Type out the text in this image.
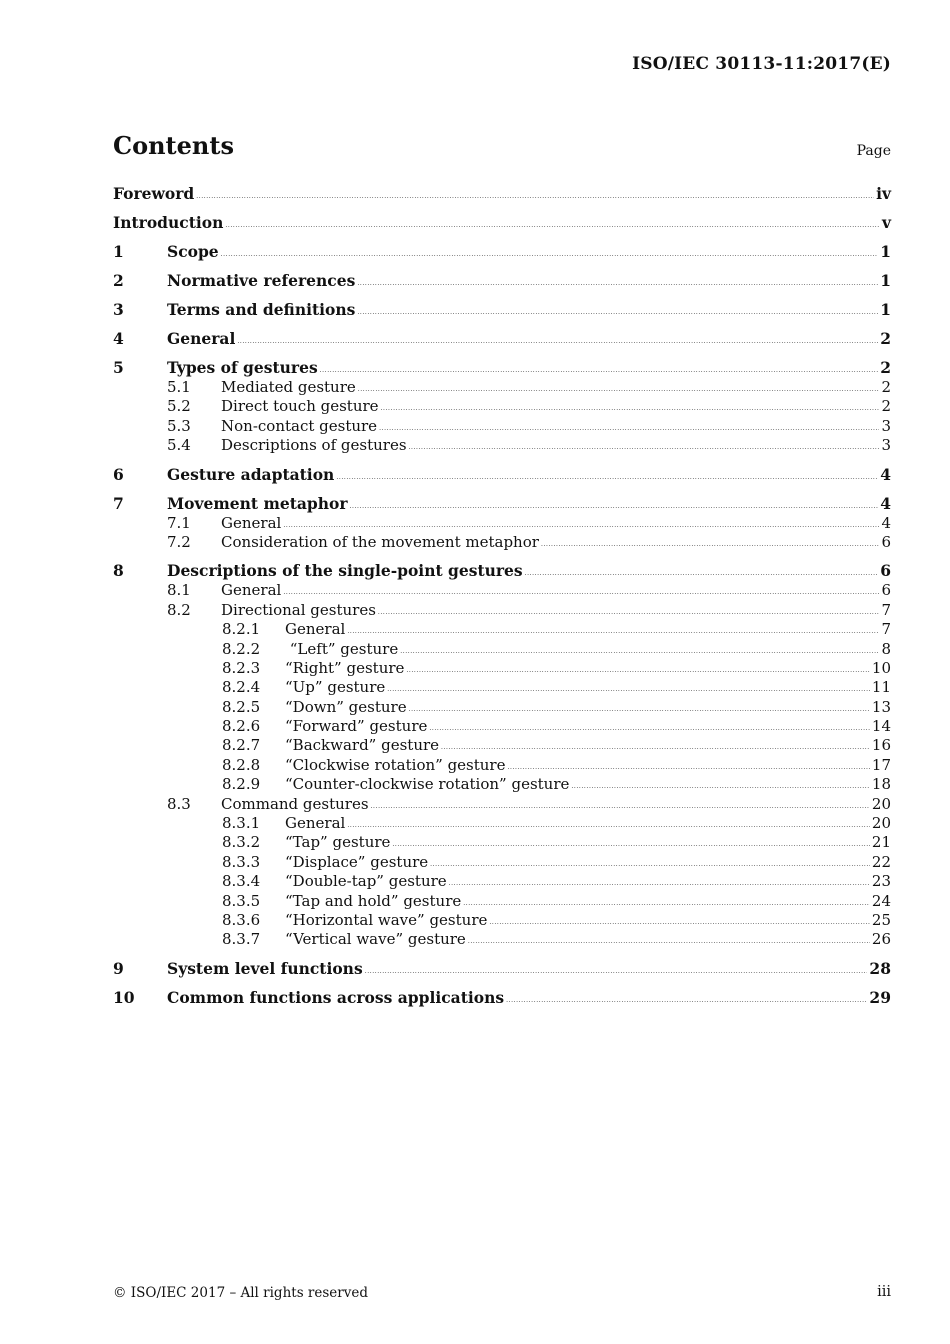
ISO/IEC 30113-11:2017(E)
Contents	Page
Foreword .....	iv
Introduction .....	v
1	Scope .....	1
2	Normative references .....	1
3	Terms and definitions .....	1
4	General .....	2
5	Types of gestures .....	2
5.1	Mediated gesture .....	2
5.2	Direct touch gesture .....	2
5.3	Non-contact gesture .....	3
5.4	Descriptions of gestures .....	3
6	Gesture adaptation .....	4
7	Movement metaphor .....	4
7.1	General .....	4
7.2	Consideration of the movement metaphor .....	6
8	Descriptions of the single-point gestures .....	6
8.1	General .....	6
8.2	Directional gestures .....	7
8.2.1	General .....	7
8.2.2	“Left” gesture .....	8
8.2.3	“Right” gesture .....	10
8.2.4	“Up” gesture .....	11
8.2.5	“Down” gesture .....	13
8.2.6	“Forward” gesture .....	14
8.2.7	“Backward” gesture .....	16
8.2.8	“Clockwise rotation” gesture .....	17
8.2.9	“Counter-clockwise rotation” gesture .....	18
8.3	Command gestures .....	20
8.3.1	General .....	20
8.3.2	“Tap” gesture .....	21
8.3.3	“Displace” gesture .....	22
8.3.4	“Double-tap” gesture .....	23
8.3.5	“Tap and hold” gesture .....	24
8.3.6	“Horizontal wave” gesture .....	25
8.3.7	“Vertical wave” gesture .....	26
9	System level functions .....	28
10	Common functions across applications .....	29
© ISO/IEC 2017 – All rights reserved	iii
